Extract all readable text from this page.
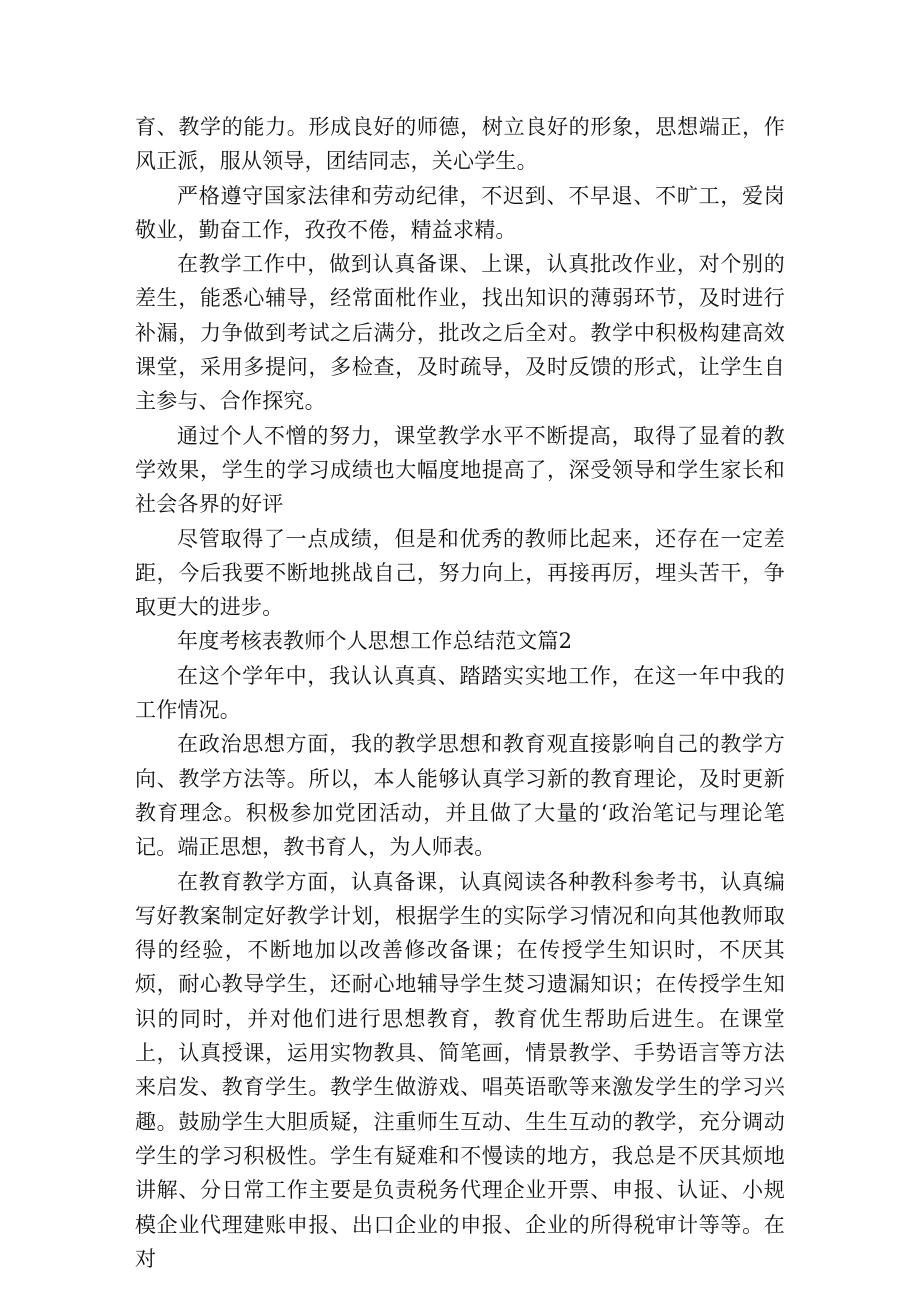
育、教学的能力。形成良好的师德，树立良好的形象，思想端正，作风正派，服从领导，团结同志，关心学生。

严格遵守国家法律和劳动纪律，不迟到、不早退、不旷工，爱岗敬业，勤奋工作，孜孜不倦，精益求精。

在教学工作中，做到认真备课、上课，认真批改作业，对个别的差生，能悉心辅导，经常面枇作业，找出知识的薄弱环节，及时进行补漏，力争做到考试之后满分，批改之后全对。教学中积极构建高效课堂，采用多提问，多检查，及时疏导，及时反馈的形式，让学生自主参与、合作探究。

通过个人不憎的努力，课堂教学水平不断提高，取得了显着的教学效果，学生的学习成绩也大幅度地提高了，深受领导和学生家长和社会各界的好评

尽管取得了一点成绩，但是和优秀的教师比起来，还存在一定差距，今后我要不断地挑战自己，努力向上，再接再厉，埋头苦干，争取更大的进步。

年度考核表教师个人思想工作总结范文篇2

在这个学年中，我认认真真、踏踏实实地工作，在这一年中我的工作情况。

在政治思想方面，我的教学思想和教育观直接影响自己的教学方向、教学方法等。所以，本人能够认真学习新的教育理论，及时更新教育理念。积极参加党团活动，并且做了大量的‘政治笔记与理论笔记。端正思想，教书育人，为人师表。

在教育教学方面，认真备课，认真阅读各种教科参考书，认真编写好教案制定好教学计划，根据学生的实际学习情况和向其他教师取得的经验，不断地加以改善修改备课；在传授学生知识时，不厌其烦，耐心教导学生，还耐心地辅导学生焚习遗漏知识；在传授学生知识的同时，并对他们进行思想教育，教育优生帮助后进生。在课堂上，认真授课，运用实物教具、简笔画，情景教学、手势语言等方法来启发、教育学生。教学生做游戏、唱英语歌等来激发学生的学习兴趣。鼓励学生大胆质疑，注重师生互动、生生互动的教学，充分调动学生的学习积极性。学生有疑难和不慢读的地方，我总是不厌其烦地讲解、分日常工作主要是负责税务代理企业开票、申报、认证、小规模企业代理建账申报、出口企业的申报、企业的所得税审计等等。在对
